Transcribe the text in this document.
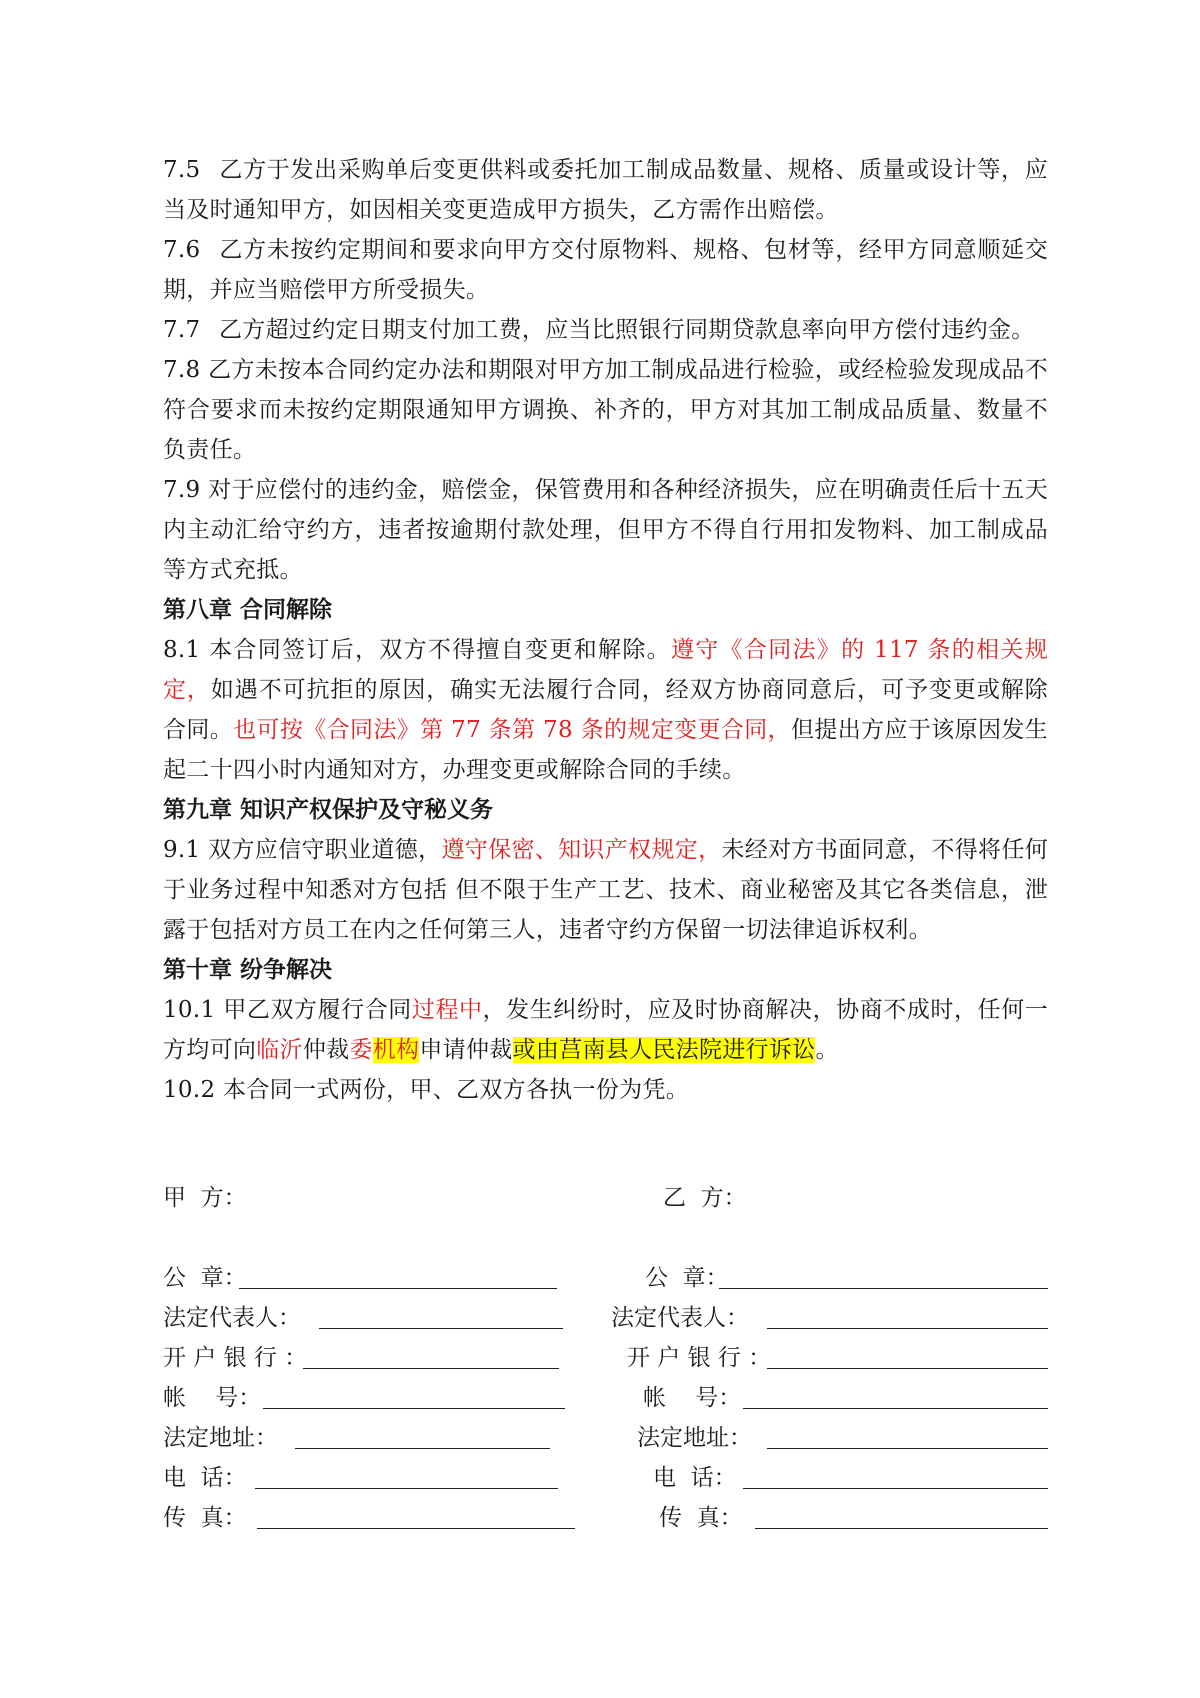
7.5 乙方于发出采购单后变更供料或委托加工制成品数量、规格、质量或设计等，应当及时通知甲方，如因相关变更造成甲方损失，乙方需作出赔偿。

7.6 乙方未按约定期间和要求向甲方交付原物料、规格、包材等，经甲方同意顺延交期，并应当赔偿甲方所受损失。

7.7 乙方超过约定日期支付加工费，应当比照银行同期贷款息率向甲方偿付违约金。

7.8 乙方未按本合同约定办法和期限对甲方加工制成品进行检验，或经检验发现成品不符合要求而未按约定期限通知甲方调换、补齐的，甲方对其加工制成品质量、数量不负责任。

7.9 对于应偿付的违约金，赔偿金，保管费用和各种经济损失，应在明确责任后十五天内主动汇给守约方，违者按逾期付款处理，但甲方不得自行用扣发物料、加工制成品等方式充抵。

第八章 合同解除

8.1 本合同签订后，双方不得擅自变更和解除。遵守《合同法》的 117 条的相关规定，如遇不可抗拒的原因，确实无法履行合同，经双方协商同意后，可予变更或解除合同。也可按《合同法》第 77 条第 78 条的规定变更合同，但提出方应于该原因发生起二十四小时内通知对方，办理变更或解除合同的手续。

第九章 知识产权保护及守秘义务

9.1 双方应信守职业道德，遵守保密、知识产权规定，未经对方书面同意，不得将任何于业务过程中知悉对方包括 但不限于生产工艺、技术、商业秘密及其它各类信息，泄露于包括对方员工在内之任何第三人，违者守约方保留一切法律追诉权利。

第十章 纷争解决

10.1 甲乙双方履行合同过程中，发生纠纷时，应及时协商解决，协商不成时，任何一方均可向临沂仲裁委机构申请仲裁或由莒南县人民法院进行诉讼。

10.2 本合同一式两份，甲、乙双方各执一份为凭。

甲  方：	乙  方：
公  章：	公  章：
法定代表人：	法定代表人：
开 户 银 行 ：	开 户 银 行 ：
帐    号：	帐    号：
法定地址：	法定地址：
电  话：	电  话：
传  真：	传  真：
